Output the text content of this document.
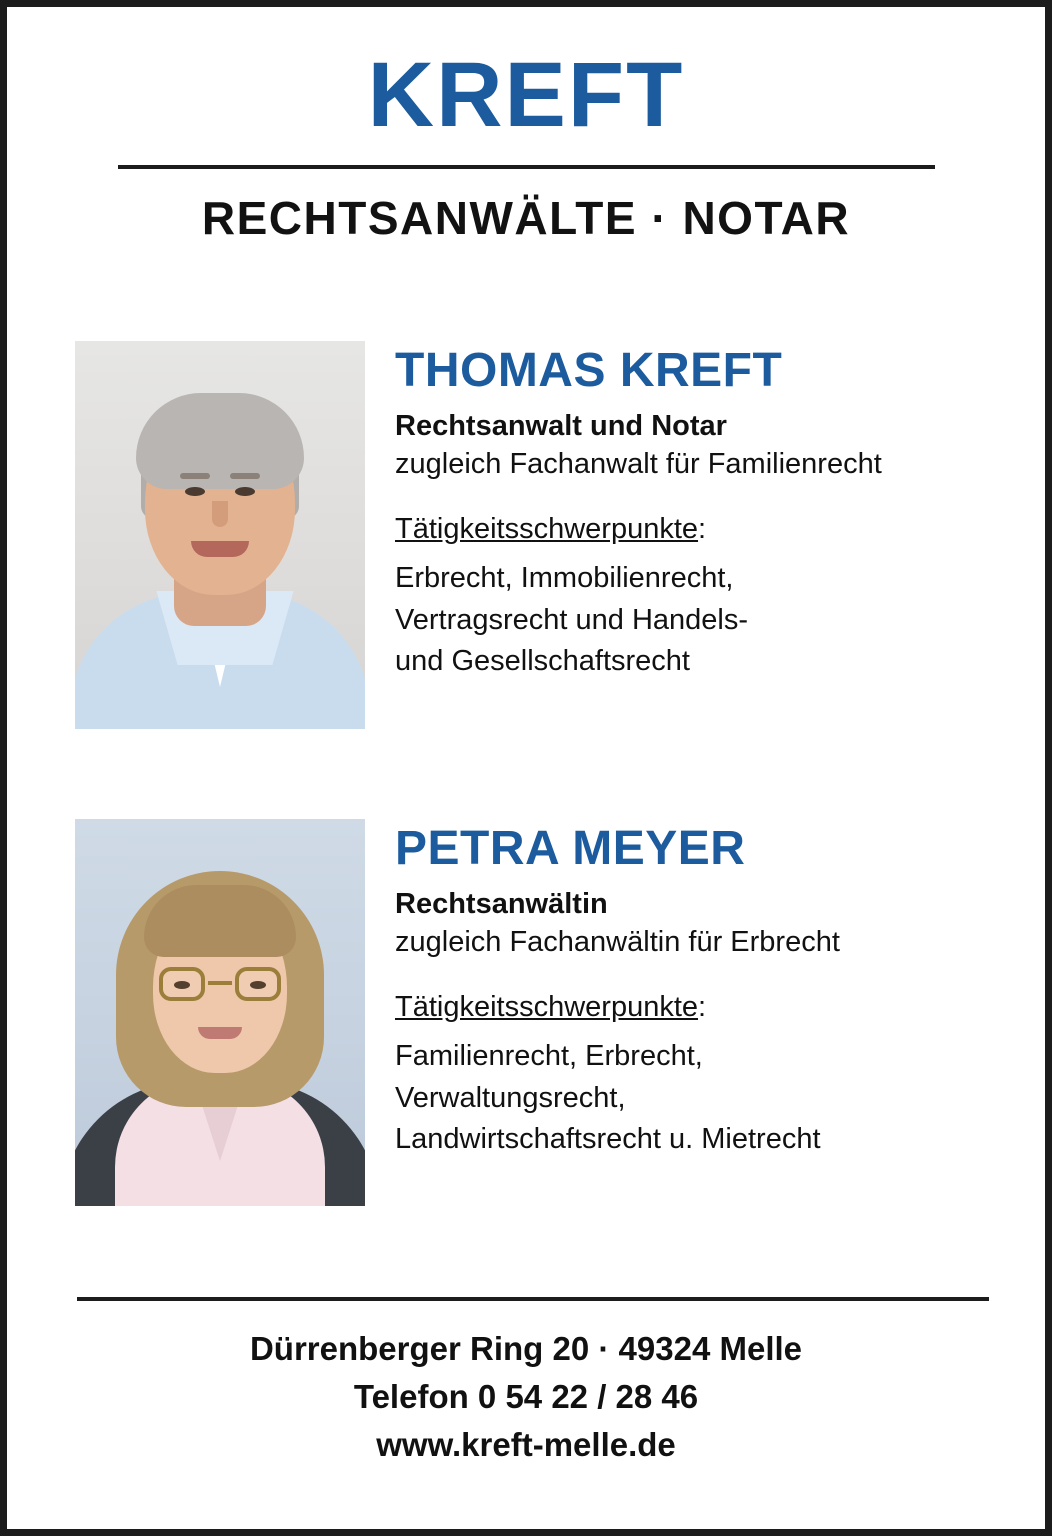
KREFT
RECHTSANWÄLTE · NOTAR
THOMAS KREFT
Rechtsanwalt und Notar
zugleich Fachanwalt für Familienrecht
Tätigkeitsschwerpunkte:
Erbrecht, Immobilienrecht,
Vertragsrecht und Handels-
und Gesellschaftsrecht
PETRA MEYER
Rechtsanwältin
zugleich Fachanwältin für Erbrecht
Tätigkeitsschwerpunkte:
Familienrecht, Erbrecht,
Verwaltungsrecht,
Landwirtschaftsrecht u. Mietrecht
Dürrenberger Ring 20 · 49324 Melle
Telefon 0 54 22 / 28 46
www.kreft-melle.de
